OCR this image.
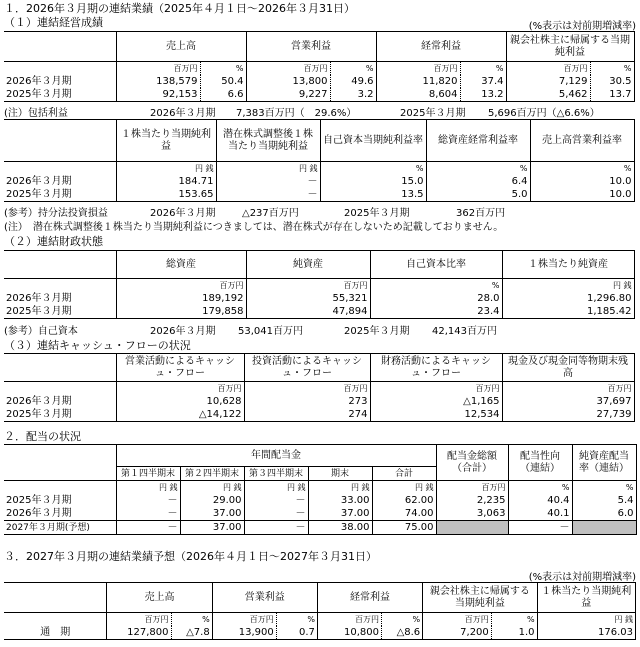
１．2026年３月期の連結業績（2025年４月１日～2026年３月31日）
（１）連結経営成績	(%表示は対前期増減率)
	売上高		営業利益		経常利益		親会社株主に帰属する当期純利益	
	百万円	%	百万円	%	百万円	%	百万円	%
2026年３月期	138,579	50.4	13,800	49.6	11,820	37.4	7,129	30.5
2025年３月期	92,153	6.6	9,227	3.2	8,604	13.2	5,462	13.7
(注）包括利益	2026年３月期 7,383百万円（　29.6%）	2025年３月期 5,696百万円（△6.6%）
	１株当たり当期純利益	潜在株式調整後１株当たり当期純利益	自己資本当期純利益率	総資産経常利益率	売上高営業利益率
	円 銭	円 銭	%	%	%
2026年３月期	184.71	－	15.0	6.4	10.0
2025年３月期	153.65	－	13.5	5.0	10.0
(参考）持分法投資損益	2026年３月期	△237百万円	2025年３月期	362百万円
(注）　潜在株式調整後１株当たり当期純利益につきましては、潜在株式が存在しないため記載しておりません。
（２）連結財政状態
	総資産	純資産	自己資本比率	１株当たり純資産
	百万円	百万円	%	円 銭
2026年３月期	189,192	55,321	28.0	1,296.80
2025年３月期	179,858	47,894	23.4	1,185.42
(参考）自己資本	2026年３月期 53,041百万円	2025年３月期 42,143百万円
（３）連結キャッシュ・フローの状況
	営業活動によるキャッシュ・フロー	投資活動によるキャッシュ・フロー	財務活動によるキャッシュ・フロー	現金及び現金同等物期末残高
	百万円	百万円	百万円	百万円
2026年３月期	10,628	273	△1,165	37,697
2025年３月期	△14,122	274	12,534	27,739
２．配当の状況
	年間配当金					配当金総額（合計）	配当性向（連結）	純資産配当率（連結）
	第１四半期末	第２四半期末	第３四半期末	期末	合計			
	円 銭	円 銭	円 銭	円 銭	円 銭	百万円	%	%
2025年３月期	－	29.00	－	33.00	62.00	2,235	40.4	5.4
2026年３月期	－	37.00	－	37.00	74.00	3,063	40.1	6.0
2027年３月期(予想)	－	37.00	－	38.00	75.00		－	
３．2027年３月期の連結業績予想（2026年４月１日～2027年３月31日）
(%表示は対前期増減率)
	売上高		営業利益		経常利益		親会社株主に帰属する当期純利益		１株当たり当期純利益
	百万円	%	百万円	%	百万円	%	百万円	%	円 銭
通　期	127,800	△7.8	13,900	0.7	10,800	△8.6	7,200	1.0	176.03
